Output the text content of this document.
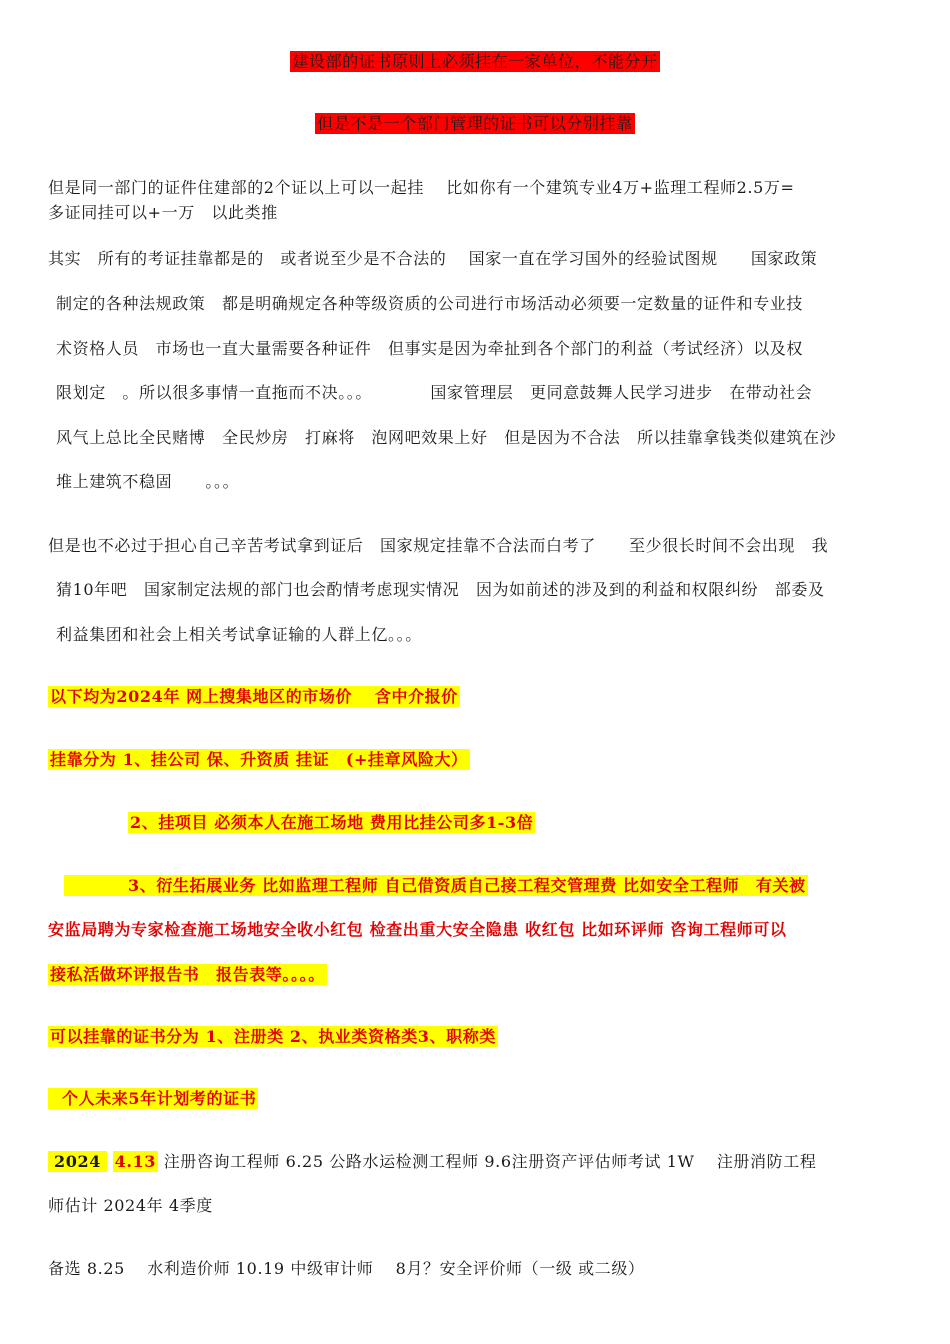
建设部的证书原则上必须挂在一家单位，不能分开
但是不是一个部门管理的证书可以分别挂靠
但是同一部门的证件住建部的2个证以上可以一起挂　 比如你有一个建筑专业4万+监理工程师2.5万=
多证同挂可以+一万　以此类推
其实　所有的考证挂靠都是的　或者说至少是不合法的　 国家一直在学习国外的经验试图规　　国家政策
制定的各种法规政策　都是明确规定各种等级资质的公司进行市场活动必须要一定数量的证件和专业技
术资格人员　市场也一直大量需要各种证件　但事实是因为牵扯到各个部门的利益（考试经济）以及权
限划定　。所以很多事情一直拖而不决。。。　　　　国家管理层　更同意鼓舞人民学习进步　在带动社会
风气上总比全民赌博　全民炒房　打麻将　泡网吧效果上好　但是因为不合法　所以挂靠拿钱类似建筑在沙
堆上建筑不稳固　　。。。
但是也不必过于担心自己辛苦考试拿到证后　国家规定挂靠不合法而白考了　　至少很长时间不会出现　我
猜10年吧　国家制定法规的部门也会酌情考虑现实情况　因为如前述的涉及到的利益和权限纠纷　部委及
利益集团和社会上相关考试拿证输的人群上亿。。。
以下均为2024年 网上搜集地区的市场价　 含中介报价
挂靠分为 1、挂公司 保、升资质 挂证　(+挂章风险大）
2、挂项目 必须本人在施工场地 费用比挂公司多1-3倍
3、衍生拓展业务 比如监理工程师 自己借资质自己接工程交管理费 比如安全工程师　有关被
安监局聘为专家检查施工场地安全收小红包 检查出重大安全隐患 收红包 比如环评师 咨询工程师可以
接私活做环评报告书　报告表等。。。。
可以挂靠的证书分为 1、注册类 2、执业类资格类3、职称类
个人未来5年计划考的证书
2024 4.13 注册咨询工程师 6.25 公路水运检测工程师 9.6注册资产评估师考试 1W　 注册消防工程
师估计 2024年 4季度
备选 8.25　 水利造价师 10.19 中级审计师　 8月？安全评价师（一级 或二级）
